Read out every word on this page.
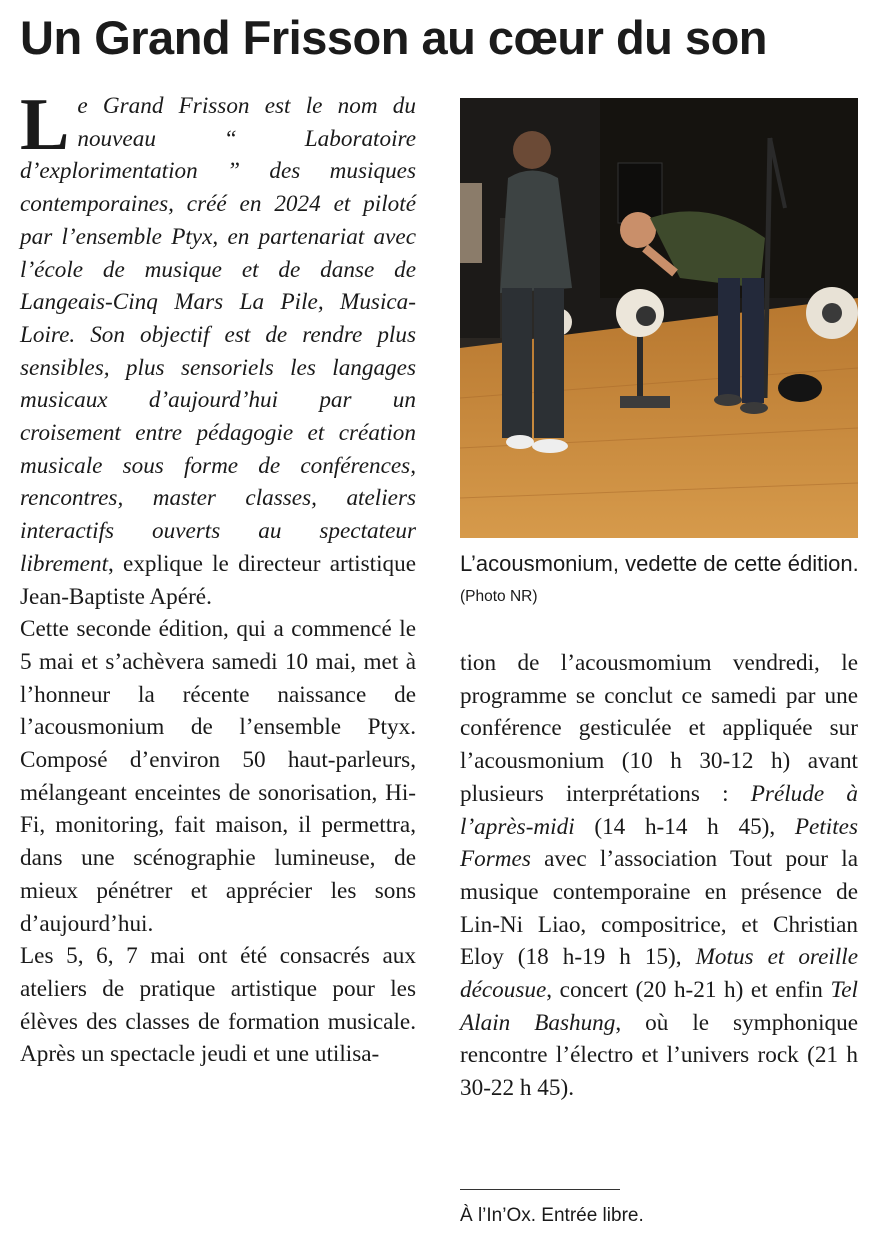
Un Grand Frisson au cœur du son

Le Grand Frisson est le nom du nouveau “ Laboratoire d’explorimentation ” des musiques contemporaines, créé en 2024 et piloté par l’ensemble Ptyx, en partenariat avec l’école de musique et de danse de Langeais-Cinq Mars La Pile, Musica-Loire. Son objectif est de rendre plus sensibles, plus sensoriels les langages musicaux d’aujourd’hui par un croisement entre pédagogie et création musicale sous forme de conférences, rencontres, master classes, ateliers interactifs ouverts au spectateur librement, explique le directeur artistique Jean-Baptiste Apéré.

Cette seconde édition, qui a commencé le 5 mai et s’achèvera samedi 10 mai, met à l’honneur la récente naissance de l’acousmonium de l’ensemble Ptyx. Composé d’environ 50 haut-parleurs, mélangeant enceintes de sonorisation, Hi-Fi, monitoring, fait maison, il permettra, dans une scénographie lumineuse, de mieux pénétrer et apprécier les sons d’aujourd’hui.

Les 5, 6, 7 mai ont été consacrés aux ateliers de pratique artistique pour les élèves des classes de formation musicale. Après un spectacle jeudi et une utilisa-

L’acousmonium, vedette de cette édition. (Photo NR)

tion de l’acousmomium vendredi, le programme se conclut ce samedi par une conférence gesticulée et appliquée sur l’acousmonium (10 h 30-12 h) avant plusieurs interprétations : Prélude à l’après-midi (14 h-14 h 45), Petites Formes avec l’association Tout pour la musique contemporaine en présence de Lin-Ni Liao, compositrice, et Christian Eloy (18 h-19 h 15), Motus et oreille décousue, concert (20 h-21 h) et enfin Tel Alain Bashung, où le symphonique rencontre l’électro et l’univers rock (21 h 30-22 h 45).

À l’In’Ox. Entrée libre.
